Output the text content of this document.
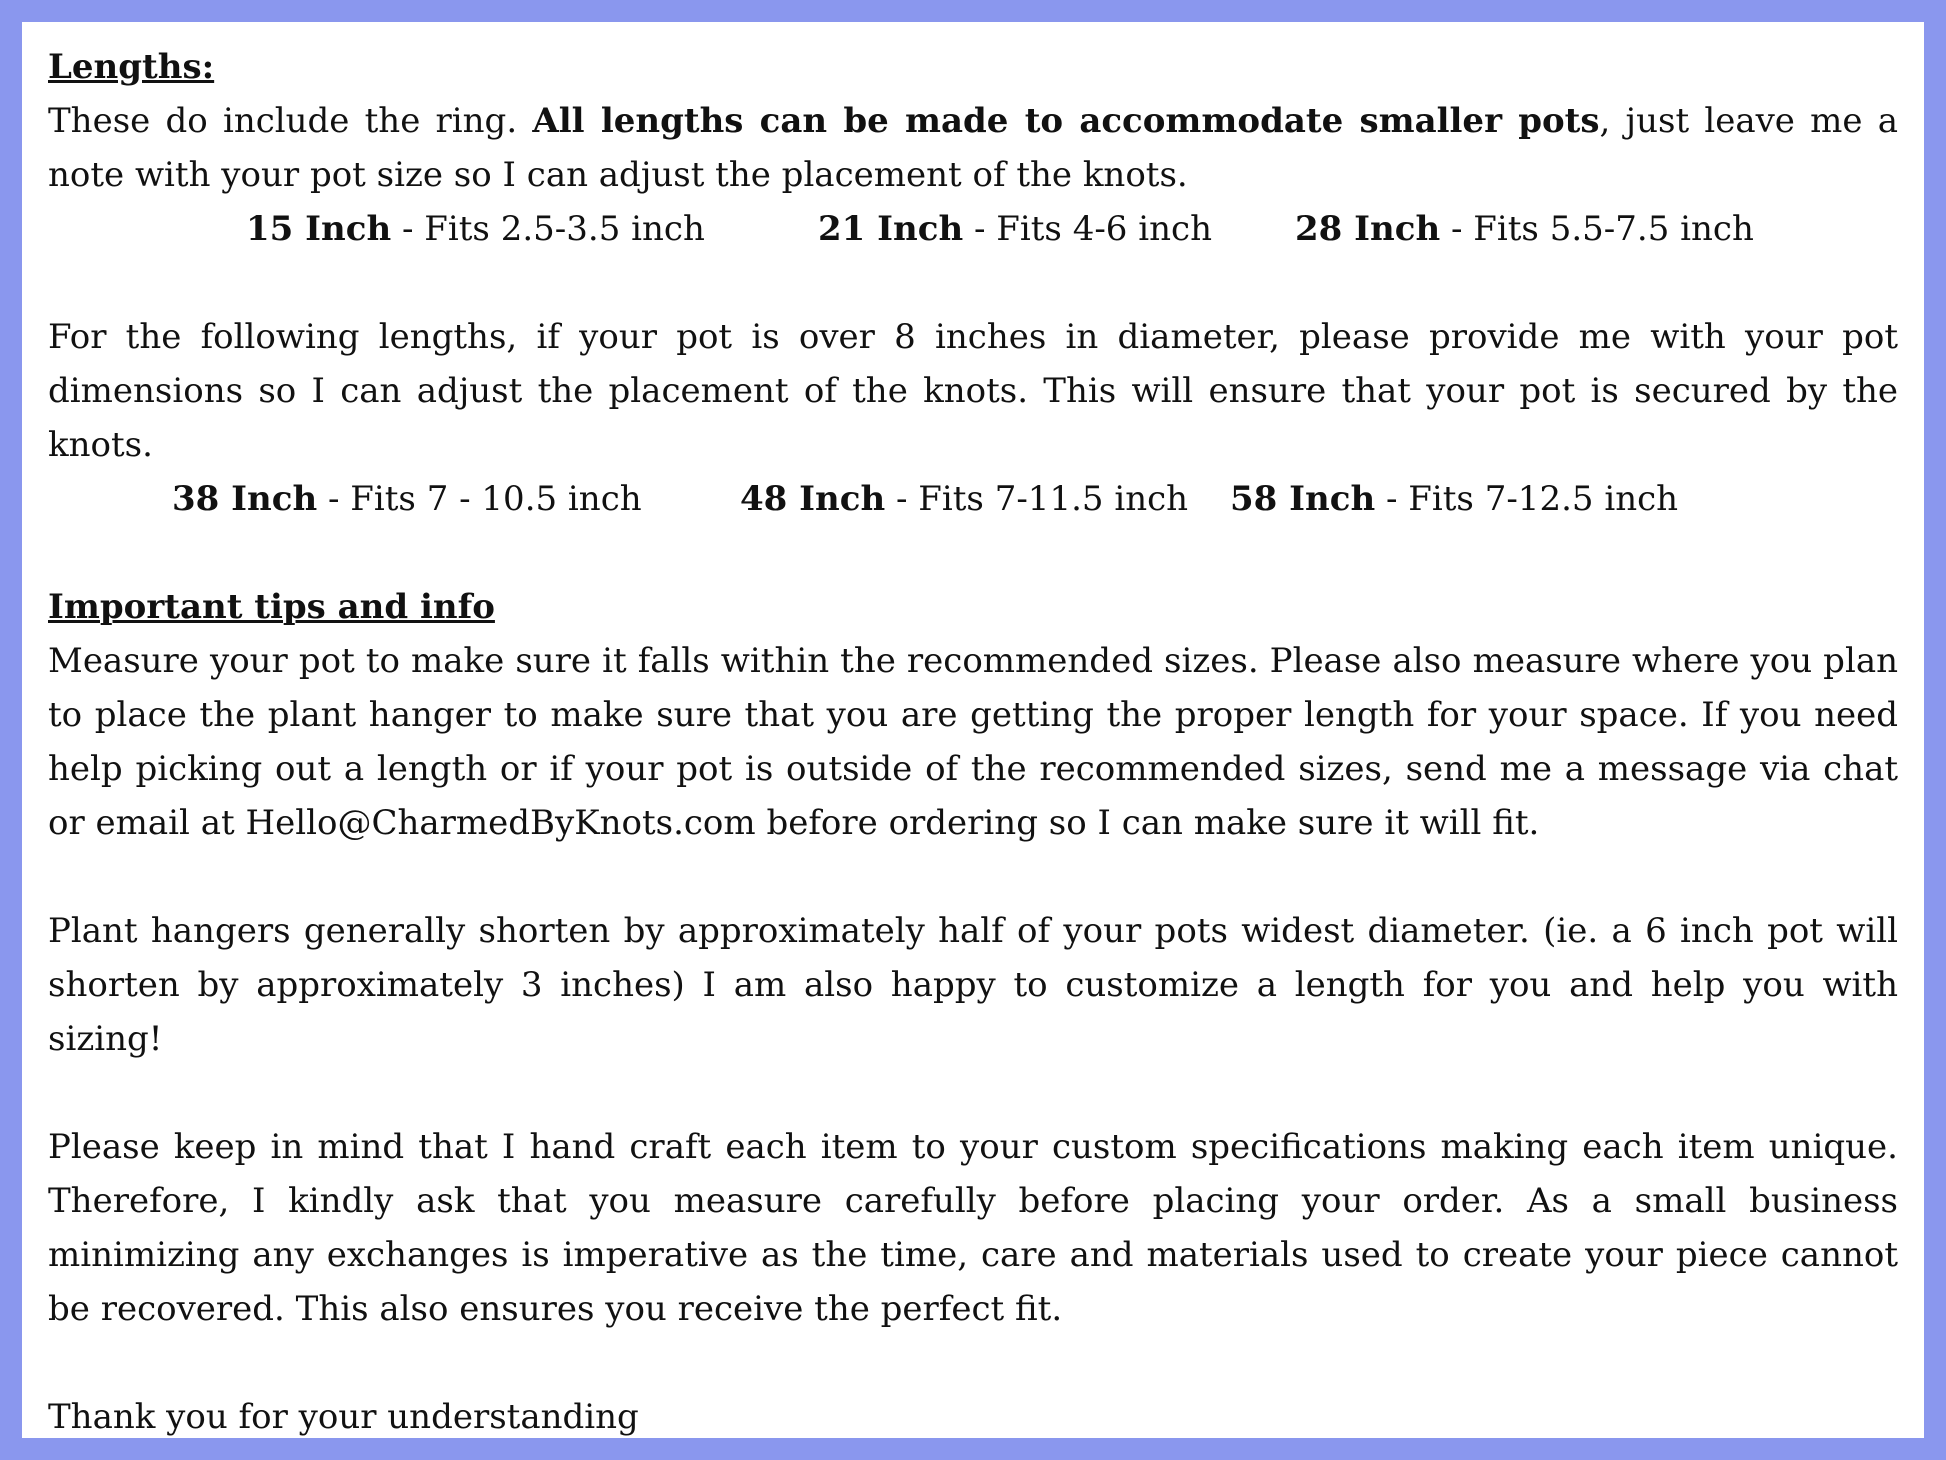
Lengths:

These do include the ring. All lengths can be made to accommodate smaller pots, just leave me a note with your pot size so I can adjust the placement of the knots.

15 Inch - Fits 2.5-3.5 inch	21 Inch - Fits 4-6 inch 28 Inch - Fits 5.5-7.5 inch

For the following lengths, if your pot is over 8 inches in diameter, please provide me with your pot dimensions so I can adjust the placement of the knots. This will ensure that your pot is secured by the knots.

38 Inch - Fits 7 - 10.5 inch	48 Inch - Fits 7-11.5 inch 58 Inch - Fits 7-12.5 inch
Important tips and info

Measure your pot to make sure it falls within the recommended sizes. Please also measure where you plan to place the plant hanger to make sure that you are getting the proper length for your space. If you need help picking out a length or if your pot is outside of the recommended sizes, send me a message via chat or email at Hello@CharmedByKnots.com before ordering so I can make sure it will fit.

Plant hangers generally shorten by approximately half of your pots widest diameter. (ie. a 6 inch pot will shorten by approximately 3 inches) I am also happy to customize a length for you and help you with sizing!

Please keep in mind that I hand craft each item to your custom specifications making each item unique. Therefore, I kindly ask that you measure carefully before placing your order. As a small business minimizing any exchanges is imperative as the time, care and materials used to create your piece cannot be recovered. This also ensures you receive the perfect fit.

Thank you for your understanding
